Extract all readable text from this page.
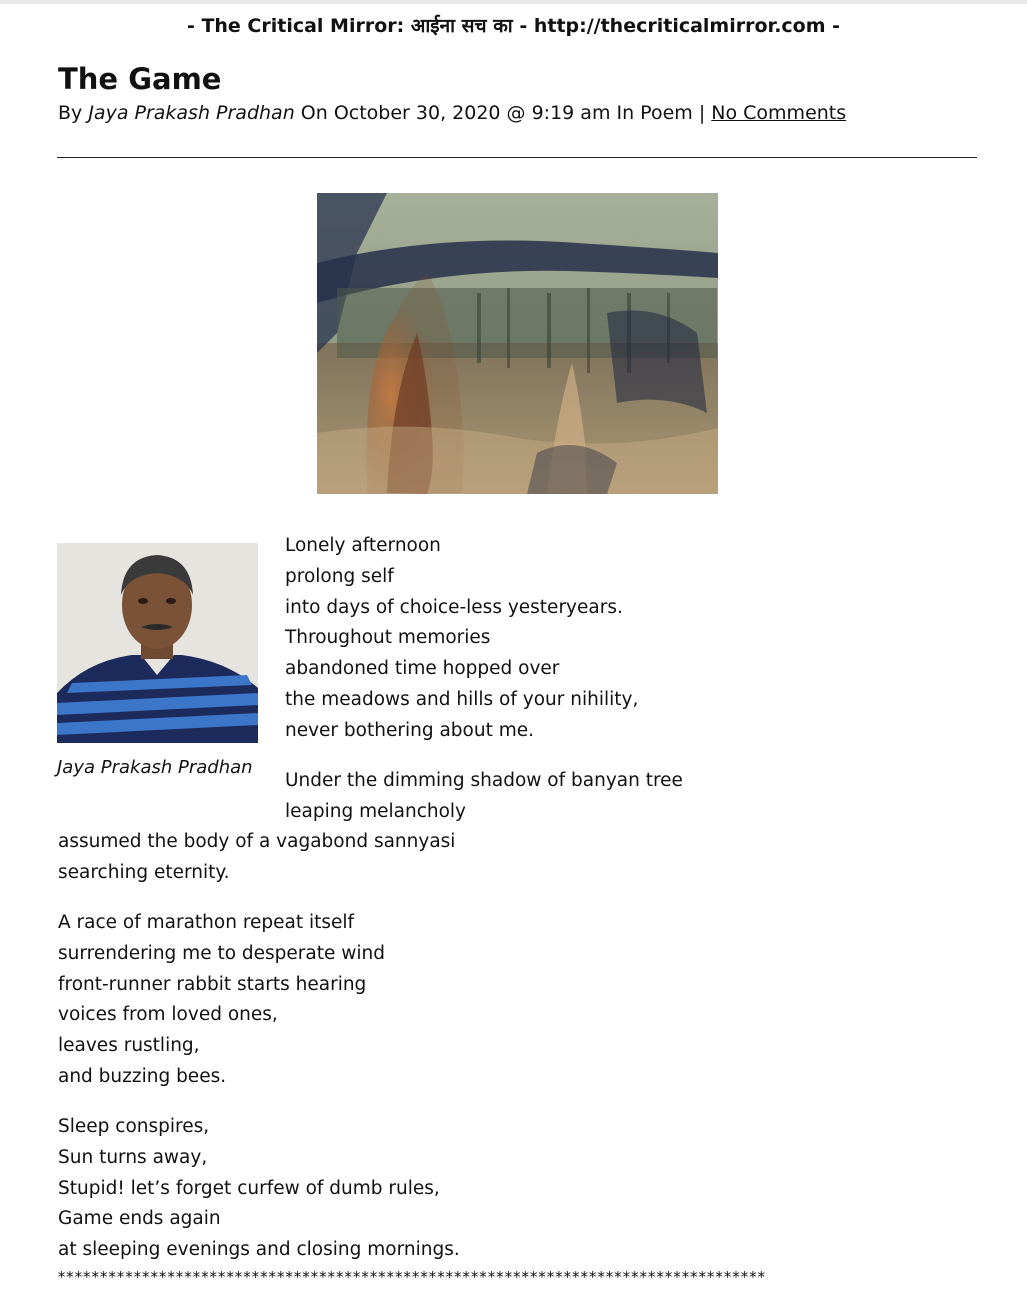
- The Critical Mirror: आईना सच का - http://thecriticalmirror.com -
The Game
By Jaya Prakash Pradhan On October 30, 2020 @ 9:19 am In Poem | No Comments
Jaya Prakash Pradhan

Lonely afternoon
prolong self
into days of choice-less yesteryears.
Throughout memories
abandoned time hopped over
the meadows and hills of your nihility,
never bothering about me.

Under the dimming shadow of banyan tree
leaping melancholy

assumed the body of a vagabond sannyasi
searching eternity.

A race of marathon repeat itself
surrendering me to desperate wind
front-runner rabbit starts hearing
voices from loved ones,
leaves rustling,
and buzzing bees.

Sleep conspires,
Sun turns away,
Stupid! let’s forget curfew of dumb rules,
Game ends again
at sleeping evenings and closing mornings.

************************************************************************************
